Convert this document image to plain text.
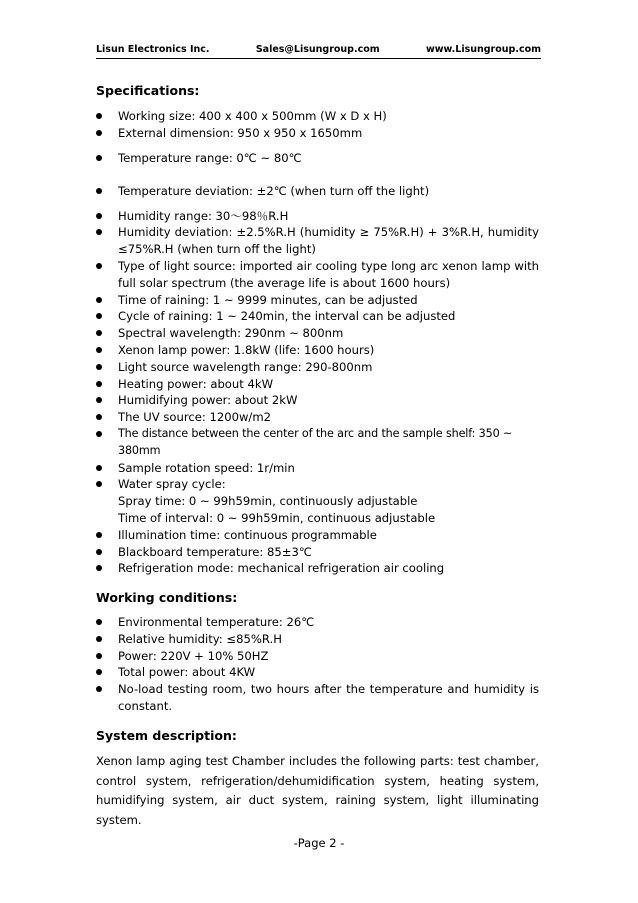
Lisun Electronics Inc.	Sales@Lisungroup.com	www.Lisungroup.com
Specifications:
Working size: 400 x 400 x 500mm (W x D x H)
External dimension: 950 x 950 x 1650mm
Temperature range: 0℃ ~ 80℃
Temperature deviation: ±2℃ (when turn off the light)
Humidity range: 30～98％R.H
Humidity deviation: ±2.5%R.H (humidity ≥ 75%R.H) + 3%R.H, humidity ≤75%R.H (when turn off the light)
Type of light source: imported air cooling type long arc xenon lamp with full solar spectrum (the average life is about 1600 hours)
Time of raining: 1 ~ 9999 minutes, can be adjusted
Cycle of raining: 1 ~ 240min, the interval can be adjusted
Spectral wavelength: 290nm ~ 800nm
Xenon lamp power: 1.8kW (life: 1600 hours)
Light source wavelength range: 290-800nm
Heating power: about 4kW
Humidifying power: about 2kW
The UV source: 1200w/m2
The distance between the center of the arc and the sample shelf: 350 ~ 380mm
Sample rotation speed: 1r/min
Water spray cycle:
Spray time: 0 ~ 99h59min, continuously adjustable
Time of interval: 0 ~ 99h59min, continuous adjustable
Illumination time: continuous programmable
Blackboard temperature: 85±3℃
Refrigeration mode: mechanical refrigeration air cooling
Working conditions:
Environmental temperature: 26℃
Relative humidity: ≤85%R.H
Power: 220V + 10% 50HZ
Total power: about 4KW
No-load testing room, two hours after the temperature and humidity is constant.
System description:

Xenon lamp aging test Chamber includes the following parts: test chamber, control system, refrigeration/dehumidification system, heating system, humidifying system, air duct system, raining system, light illuminating system.

-Page 2 -
